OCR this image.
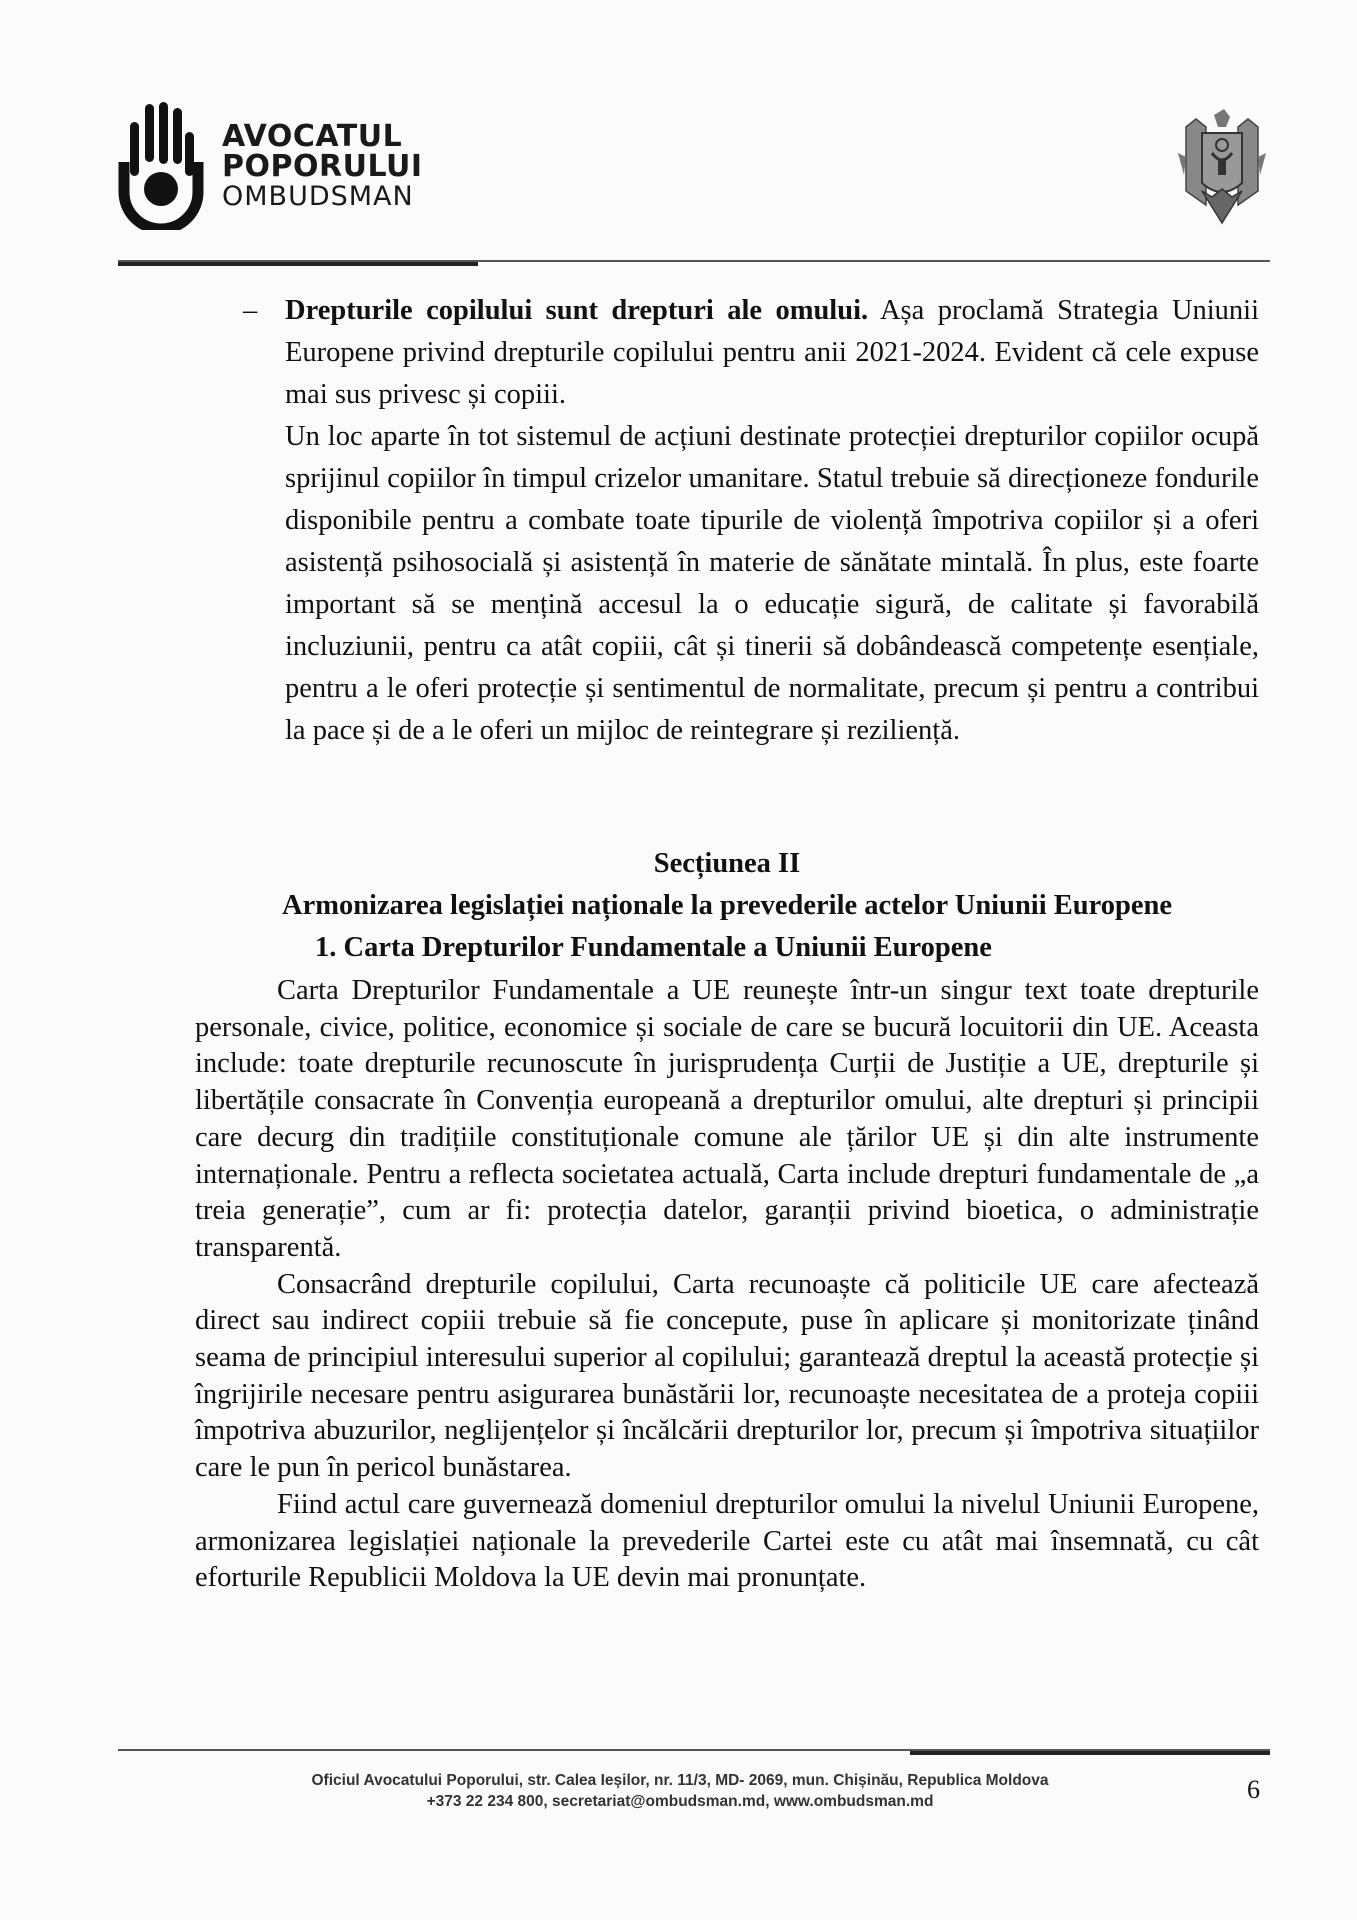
AVOCATUL
POPORULUI
OMBUDSMAN
– Drepturile copilului sunt drepturi ale omului. Așa proclamă Strategia Uniunii Europene privind drepturile copilului pentru anii 2021-2024. Evident că cele expuse mai sus privesc și copiii.

Un loc aparte în tot sistemul de acțiuni destinate protecției drepturilor copiilor ocupă sprijinul copiilor în timpul crizelor umanitare. Statul trebuie să direcționeze fondurile disponibile pentru a combate toate tipurile de violență împotriva copiilor și a oferi asistență psihosocială și asistență în materie de sănătate mintală. În plus, este foarte important să se mențină accesul la o educație sigură, de calitate și favorabilă incluziunii, pentru ca atât copiii, cât și tinerii să dobândească competențe esențiale, pentru a le oferi protecție și sentimentul de normalitate, precum și pentru a contribui la pace și de a le oferi un mijloc de reintegrare și reziliență.

Secțiunea II
Armonizarea legislației naționale la prevederile actelor Uniunii Europene
1. Carta Drepturilor Fundamentale a Uniunii Europene

Carta Drepturilor Fundamentale a UE reunește într-un singur text toate drepturile personale, civice, politice, economice și sociale de care se bucură locuitorii din UE. Aceasta include: toate drepturile recunoscute în jurisprudența Curții de Justiție a UE, drepturile și libertățile consacrate în Convenția europeană a drepturilor omului, alte drepturi și principii care decurg din tradițiile constituționale comune ale țărilor UE și din alte instrumente internaționale. Pentru a reflecta societatea actuală, Carta include drepturi fundamentale de „a treia generație”, cum ar fi: protecția datelor, garanții privind bioetica, o administrație transparentă.

Consacrând drepturile copilului, Carta recunoaște că politicile UE care afectează direct sau indirect copiii trebuie să fie concepute, puse în aplicare și monitorizate ținând seama de principiul interesului superior al copilului; garantează dreptul la această protecție și îngrijirile necesare pentru asigurarea bunăstării lor, recunoaște necesitatea de a proteja copiii împotriva abuzurilor, neglijențelor și încălcării drepturilor lor, precum și împotriva situațiilor care le pun în pericol bunăstarea.

Fiind actul care guvernează domeniul drepturilor omului la nivelul Uniunii Europene, armonizarea legislației naționale la prevederile Cartei este cu atât mai însemnată, cu cât eforturile Republicii Moldova la UE devin mai pronunțate.

Oficiul Avocatului Poporului, str. Calea Ieșilor, nr. 11/3, MD- 2069, mun. Chișinău, Republica Moldova
+373 22 234 800, secretariat@ombudsman.md, www.ombudsman.md	6
